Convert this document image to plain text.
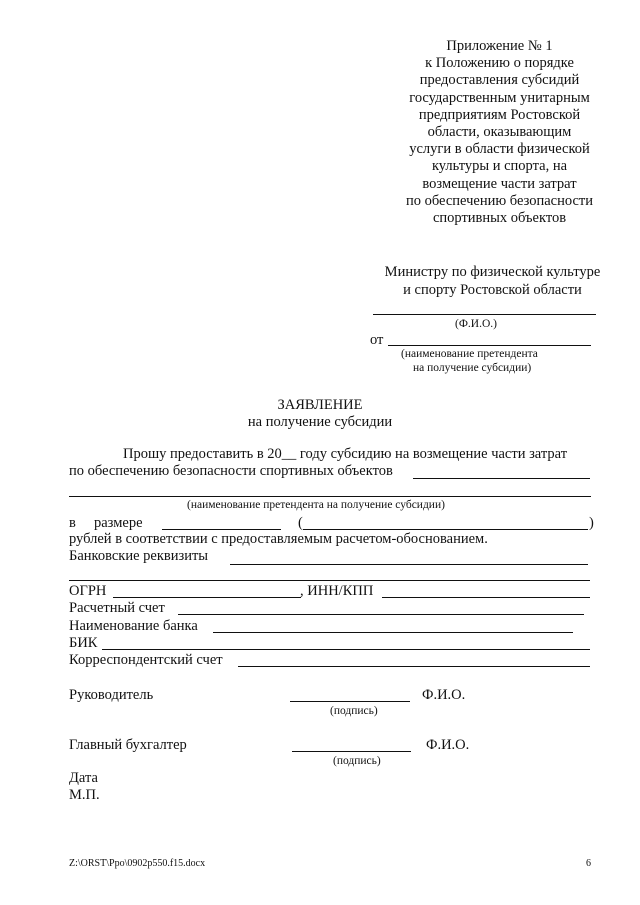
Приложение № 1
к Положению о порядке
предоставления субсидий
государственным унитарным
предприятиям Ростовской
области, оказывающим
услуги в области физической
культуры и спорта, на
возмещение части затрат
по обеспечению безопасности
спортивных объектов
Министру по физической культуре
и спорту Ростовской области
(Ф.И.О.)
от
(наименование претендента
на получение субсидии)
ЗАЯВЛЕНИЕ
на получение субсидии
Прошу предоставить в 20__ году субсидию на возмещение части затрат
по обеспечению безопасности спортивных объектов
(наименование претендента на получение субсидии)
в размере	(	)
рублей в соответствии с предоставляемым расчетом-обоснованием.
Банковские реквизиты
ОГРН	, ИНН/КПП
Расчетный счет
Наименование банка
БИК
Корреспондентский счет
Руководитель	Ф.И.О.
(подпись)
Главный бухгалтер	Ф.И.О.
(подпись)
Дата
М.П.
Z:\ORST\Ppo\0902p550.f15.docx	6
